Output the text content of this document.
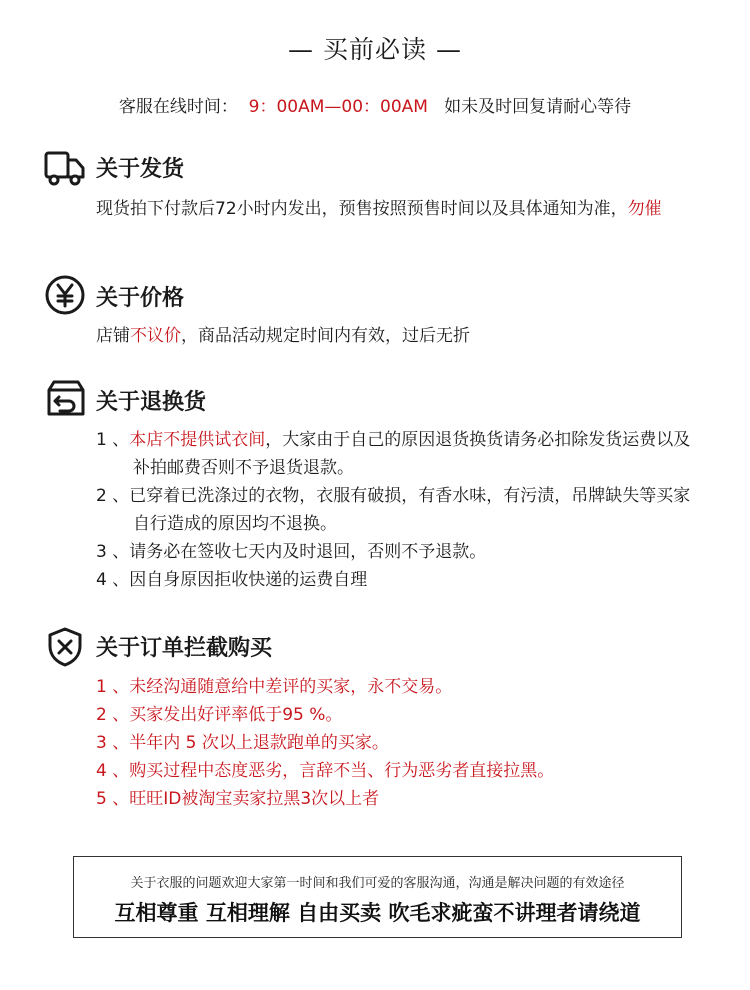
— 买前必读 —
客服在线时间： 9：00AM—00：00AM 如未及时回复请耐心等待
关于发货
现货拍下付款后72小时内发出，预售按照预售时间以及具体通知为准，勿催
关于价格
店铺不议价，商品活动规定时间内有效，过后无折
关于退换货
1 、本店不提供试衣间，大家由于自己的原因退货换货请务必扣除发货运费以及补拍邮费否则不予退货退款。
2 、已穿着已洗涤过的衣物，衣服有破损，有香水味，有污渍，吊牌缺失等买家自行造成的原因均不退换。
3 、请务必在签收七天内及时退回，否则不予退款。
4 、因自身原因拒收快递的运费自理
关于订单拦截购买
1 、未经沟通随意给中差评的买家，永不交易。
2 、买家发出好评率低于95 %。
3 、半年内 5 次以上退款跑单的买家。
4 、购买过程中态度恶劣，言辞不当、行为恶劣者直接拉黑。
5 、旺旺ID被淘宝卖家拉黑3次以上者
关于衣服的问题欢迎大家第一时间和我们可爱的客服沟通，沟通是解决问题的有效途径
互相尊重 互相理解 自由买卖 吹毛求疵蛮不讲理者请绕道
